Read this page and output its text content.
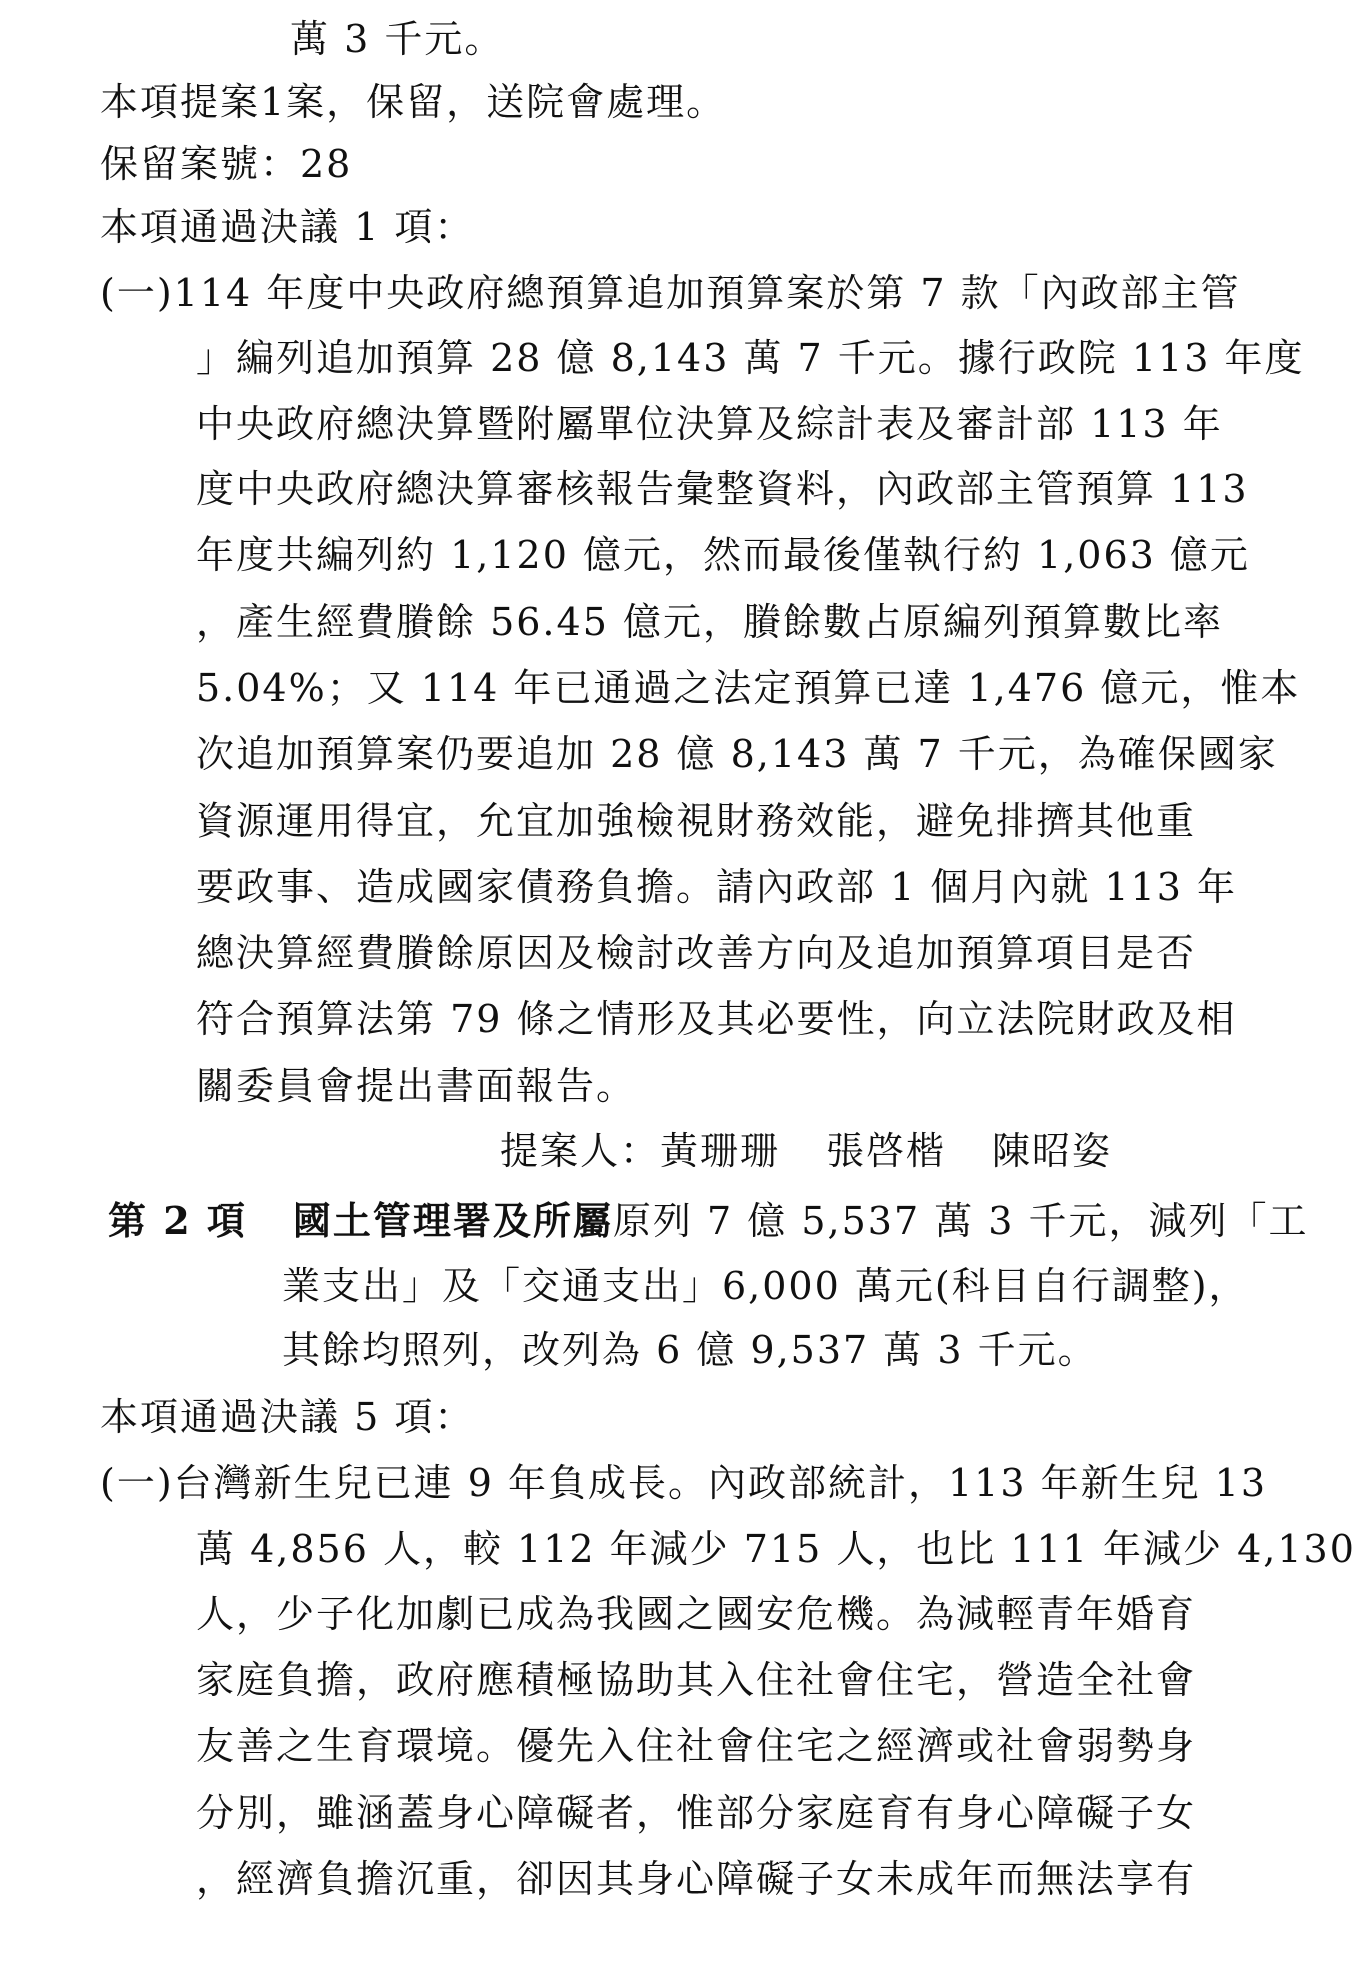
萬 3 千元。
本項提案1案，保留，送院會處理。
保留案號：28
本項通過決議 1 項：
(一)114 年度中央政府總預算追加預算案於第 7 款「內政部主管
」編列追加預算 28 億 8,143 萬 7 千元。據行政院 113 年度
中央政府總決算暨附屬單位決算及綜計表及審計部 113 年
度中央政府總決算審核報告彙整資料，內政部主管預算 113
年度共編列約 1,120 億元，然而最後僅執行約 1,063 億元
，產生經費賸餘 56.45 億元，賸餘數占原編列預算數比率
5.04%；又 114 年已通過之法定預算已達 1,476 億元，惟本
次追加預算案仍要追加 28 億 8,143 萬 7 千元，為確保國家
資源運用得宜，允宜加強檢視財務效能，避免排擠其他重
要政事、造成國家債務負擔。請內政部 1 個月內就 113 年
總決算經費賸餘原因及檢討改善方向及追加預算項目是否
符合預算法第 79 條之情形及其必要性，向立法院財政及相
關委員會提出書面報告。
提案人：黃珊珊 張啓楷 陳昭姿
第 2 項 國土管理署及所屬原列 7 億 5,537 萬 3 千元，減列「工
業支出」及「交通支出」6,000 萬元(科目自行調整)，
其餘均照列，改列為 6 億 9,537 萬 3 千元。
本項通過決議 5 項：
(一)台灣新生兒已連 9 年負成長。內政部統計，113 年新生兒 13
萬 4,856 人，較 112 年減少 715 人，也比 111 年減少 4,130
人，少子化加劇已成為我國之國安危機。為減輕青年婚育
家庭負擔，政府應積極協助其入住社會住宅，營造全社會
友善之生育環境。優先入住社會住宅之經濟或社會弱勢身
分別，雖涵蓋身心障礙者，惟部分家庭育有身心障礙子女
，經濟負擔沉重，卻因其身心障礙子女未成年而無法享有
